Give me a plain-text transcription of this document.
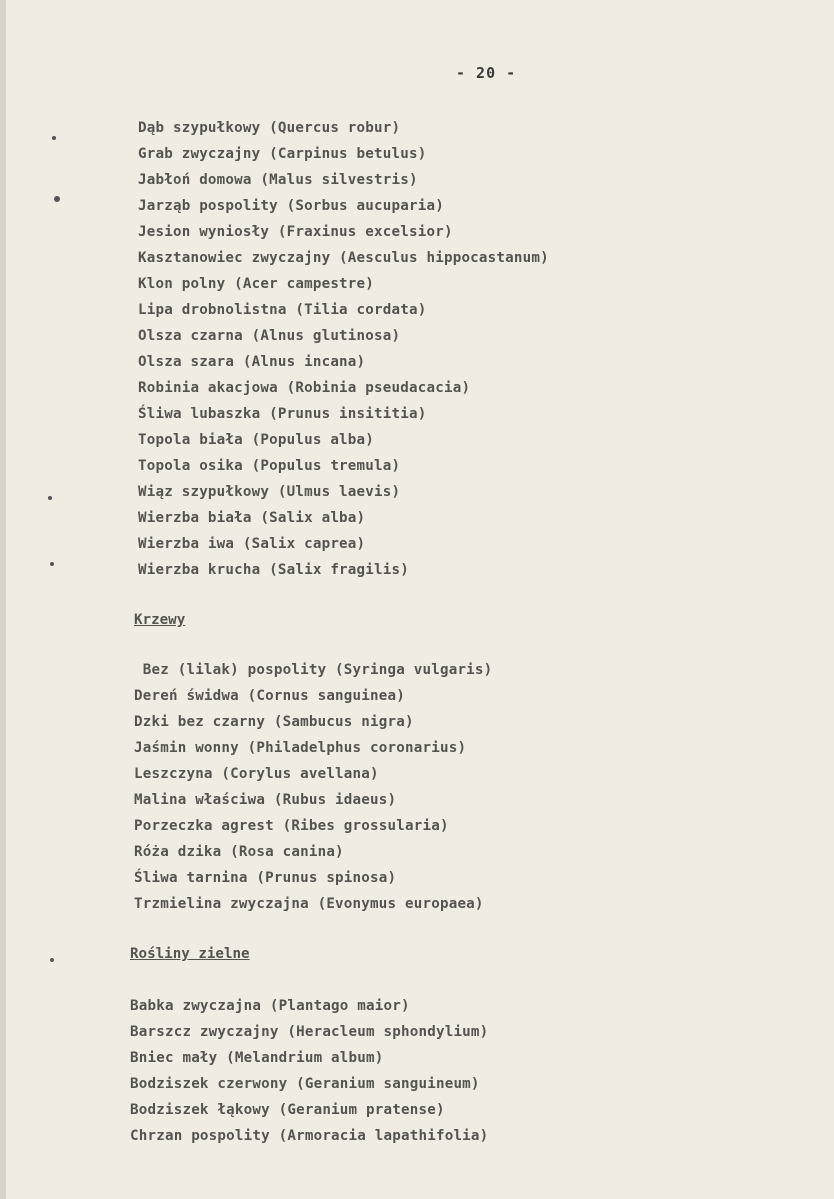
- 20 -
Dąb szypułkowy (Quercus robur)
Grab zwyczajny (Carpinus betulus)
Jabłoń domowa (Malus silvestris)
Jarząb pospolity (Sorbus aucuparia)
Jesion wyniosły (Fraxinus excelsior)
Kasztanowiec zwyczajny (Aesculus hippocastanum)
Klon polny (Acer campestre)
Lipa drobnolistna (Tilia cordata)
Olsza czarna (Alnus glutinosa)
Olsza szara (Alnus incana)
Robinia akacjowa (Robinia pseudacacia)
Śliwa lubaszka (Prunus insititia)
Topola biała (Populus alba)
Topola osika (Populus tremula)
Wiąz szypułkowy (Ulmus laevis)
Wierzba biała (Salix alba)
Wierzba iwa (Salix caprea)
Wierzba krucha (Salix fragilis)
Krzewy
Bez (lilak) pospolity (Syringa vulgaris)
Dereń świdwa (Cornus sanguinea)
Dzki bez czarny (Sambucus nigra)
Jaśmin wonny (Philadelphus coronarius)
Leszczyna (Corylus avellana)
Malina właściwa (Rubus idaeus)
Porzeczka agrest (Ribes grossularia)
Róża dzika (Rosa canina)
Śliwa tarnina (Prunus spinosa)
Trzmielina zwyczajna (Evonymus europaea)
Rośliny zielne
Babka zwyczajna (Plantago maior)
Barszcz zwyczajny (Heracleum sphondylium)
Bniec mały (Melandrium album)
Bodziszek czerwony (Geranium sanguineum)
Bodziszek łąkowy (Geranium pratense)
Chrzan pospolity (Armoracia lapathifolia)
